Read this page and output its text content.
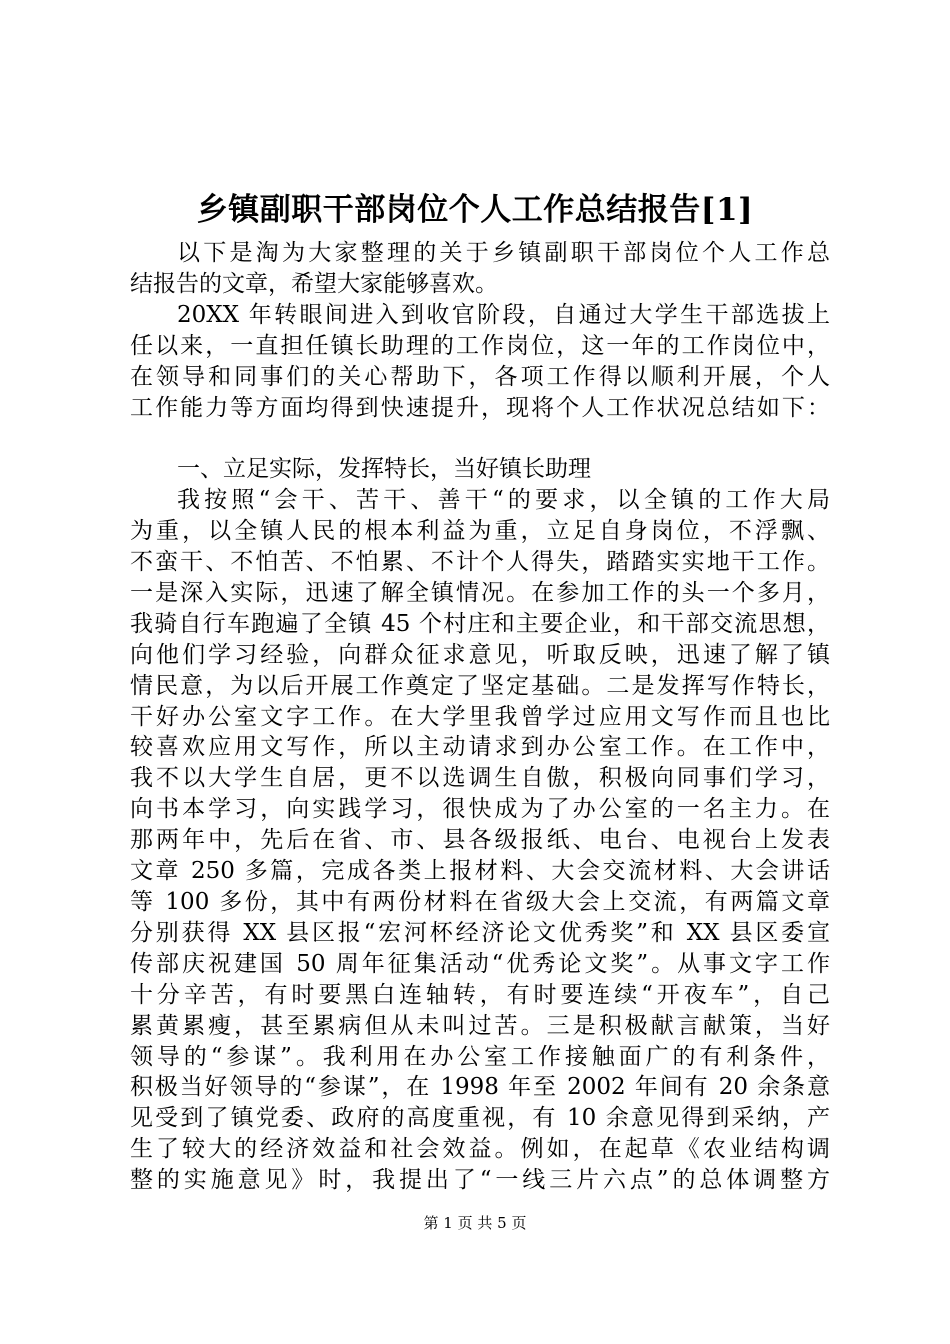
乡镇副职干部岗位个人工作总结报告[1]
以下是淘为大家整理的关于乡镇副职干部岗位个人工作总
结报告的文章，希望大家能够喜欢。
20XX 年转眼间进入到收官阶段，自通过大学生干部选拔上
任以来，一直担任镇长助理的工作岗位，这一年的工作岗位中，
在领导和同事们的关心帮助下，各项工作得以顺利开展，个人
工作能力等方面均得到快速提升，现将个人工作状况总结如下：
一、立足实际，发挥特长，当好镇长助理
我按照“会干、苦干、善干“的要求，以全镇的工作大局
为重，以全镇人民的根本利益为重，立足自身岗位，不浮飘、
不蛮干、不怕苦、不怕累、不计个人得失，踏踏实实地干工作。
一是深入实际，迅速了解全镇情况。在参加工作的头一个多月，
我骑自行车跑遍了全镇 45 个村庄和主要企业，和干部交流思想，
向他们学习经验，向群众征求意见，听取反映，迅速了解了镇
情民意，为以后开展工作奠定了坚定基础。二是发挥写作特长，
干好办公室文字工作。在大学里我曾学过应用文写作而且也比
较喜欢应用文写作，所以主动请求到办公室工作。在工作中，
我不以大学生自居，更不以选调生自傲，积极向同事们学习，
向书本学习，向实践学习，很快成为了办公室的一名主力。在
那两年中，先后在省、市、县各级报纸、电台、电视台上发表
文章 250 多篇，完成各类上报材料、大会交流材料、大会讲话
等 100 多份，其中有两份材料在省级大会上交流，有两篇文章
分别获得 XX 县区报“宏河杯经济论文优秀奖”和 XX 县区委宣
传部庆祝建国 50 周年征集活动“优秀论文奖”。从事文字工作
十分辛苦，有时要黑白连轴转，有时要连续“开夜车”，自己
累黄累瘦，甚至累病但从未叫过苦。三是积极献言献策，当好
领导的“参谋”。我利用在办公室工作接触面广的有利条件，
积极当好领导的“参谋”，在 1998 年至 2002 年间有 20 余条意
见受到了镇党委、政府的高度重视，有 10 余意见得到采纳，产
生了较大的经济效益和社会效益。例如，在起草《农业结构调
整的实施意见》时，我提出了“一线三片六点”的总体调整方
第 1 页 共 5 页
